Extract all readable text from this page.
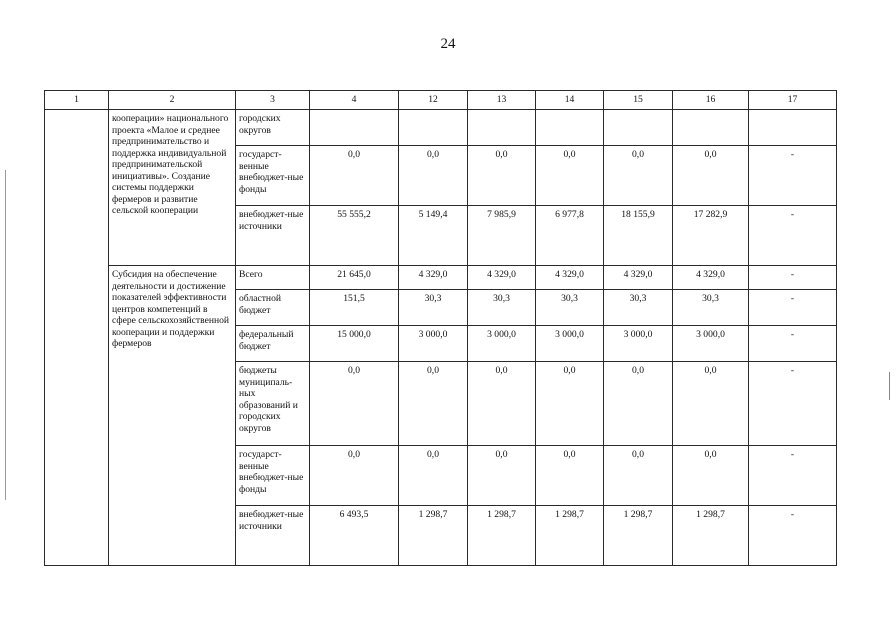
24
1	2	3	4	12	13	14	15	16	17
	кооперации» национального проекта «Малое и среднее предпринимательство и поддержка индивидуальной предпринимательской инициативы». Создание системы поддержки фермеров и развитие сельской кооперации	городских округов							
		государст-венные внебюджет-ные фонды	0,0	0,0	0,0	0,0	0,0	0,0	-
		внебюджет-ные источники	55 555,2	5 149,4	7 985,9	6 977,8	18 155,9	17 282,9	-
	Субсидия на обеспечение деятельности и достижение показателей эффективности центров компетенций в сфере сельскохозяйственной кооперации и поддержки фермеров	Всего	21 645,0	4 329,0	4 329,0	4 329,0	4 329,0	4 329,0	-
		областной бюджет	151,5	30,3	30,3	30,3	30,3	30,3	-
		федеральный бюджет	15 000,0	3 000,0	3 000,0	3 000,0	3 000,0	3 000,0	-
		бюджеты муниципаль-ных образований и городских округов	0,0	0,0	0,0	0,0	0,0	0,0	-
		государст-венные внебюджет-ные фонды	0,0	0,0	0,0	0,0	0,0	0,0	-
		внебюджет-ные источники	6 493,5	1 298,7	1 298,7	1 298,7	1 298,7	1 298,7	-
